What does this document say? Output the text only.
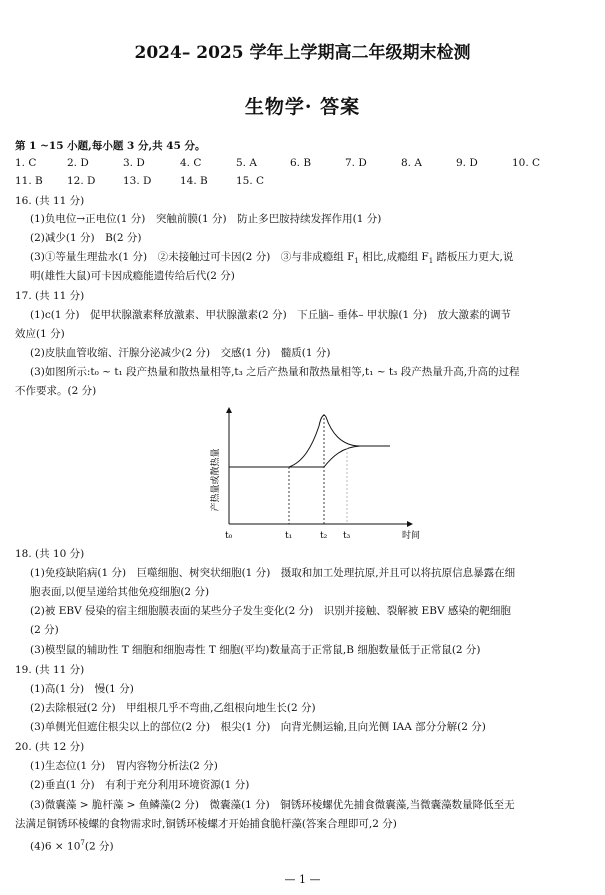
2024– 2025 学年上学期高二年级期末检测
生物学· 答案
第 1 ~15 小题,每小题 3 分,共 45 分。
1. C	2. D	3. D	4. C	5. A	6. B	7. D	8. A	9. D	10. C
11. B 12. D	13. D	14. B	15. C
16. (共 11 分)
(1)负电位→正电位(1 分)　突触前膜(1 分)　防止多巴胺持续发挥作用(1 分)
(2)减少(1 分)　B(2 分)
(3)①等量生理盐水(1 分)　②未接触过可卡因(2 分)　③与非成瘾组 $F_1$ 相比,成瘾组 $F_1$ 踏板压力更大,说
明(雄性大鼠)可卡因成瘾能遗传给后代(2 分)
17. (共 11 分)
(1)c(1 分)　促甲状腺激素释放激素、甲状腺激素(2 分)　下丘脑– 垂体– 甲状腺(1 分)　放大激素的调节
效应(1 分)
(2)皮肤血管收缩、汗腺分泌减少(2 分)　交感(1 分)　髓质(1 分)
(3)如图所示:t₀ ~ t₁ 段产热量和散热量相等,t₃ 之后产热量和散热量相等,t₁ ~ t₃ 段产热量升高,升高的过程
不作要求。(2 分)
产热量或散热量
时间
t₀	t₁	t₂ t₃
18. (共 10 分)
(1)免疫缺陷病(1 分)　巨噬细胞、树突状细胞(1 分)　摄取和加工处理抗原,并且可以将抗原信息暴露在细
胞表面,以便呈递给其他免疫细胞(2 分)
(2)被 EBV 侵染的宿主细胞膜表面的某些分子发生变化(2 分)　识别并接触、裂解被 EBV 感染的靶细胞
(2 分)
(3)模型鼠的辅助性 T 细胞和细胞毒性 T 细胞(平均)数量高于正常鼠,B 细胞数量低于正常鼠(2 分)
19. (共 11 分)
(1)高(1 分)　慢(1 分)
(2)去除根冠(2 分)　甲组根几乎不弯曲,乙组根向地生长(2 分)
(3)单侧光但遮住根尖以上的部位(2 分)　根尖(1 分)　向背光侧运输,且向光侧 IAA 部分分解(2 分)
20. (共 12 分)
(1)生态位(1 分)　胃内容物分析法(2 分)
(2)垂直(1 分)　有利于充分利用环境资源(1 分)
(3)微囊藻 > 脆杆藻 > 鱼鳞藻(2 分)　微囊藻(1 分)　铜锈环棱螺优先捕食微囊藻,当微囊藻数量降低至无
法满足铜锈环棱螺的食物需求时,铜锈环棱螺才开始捕食脆杆藻(答案合理即可,2 分)
$(4)6 \times 10^7(2$ 分)
— 1 —
